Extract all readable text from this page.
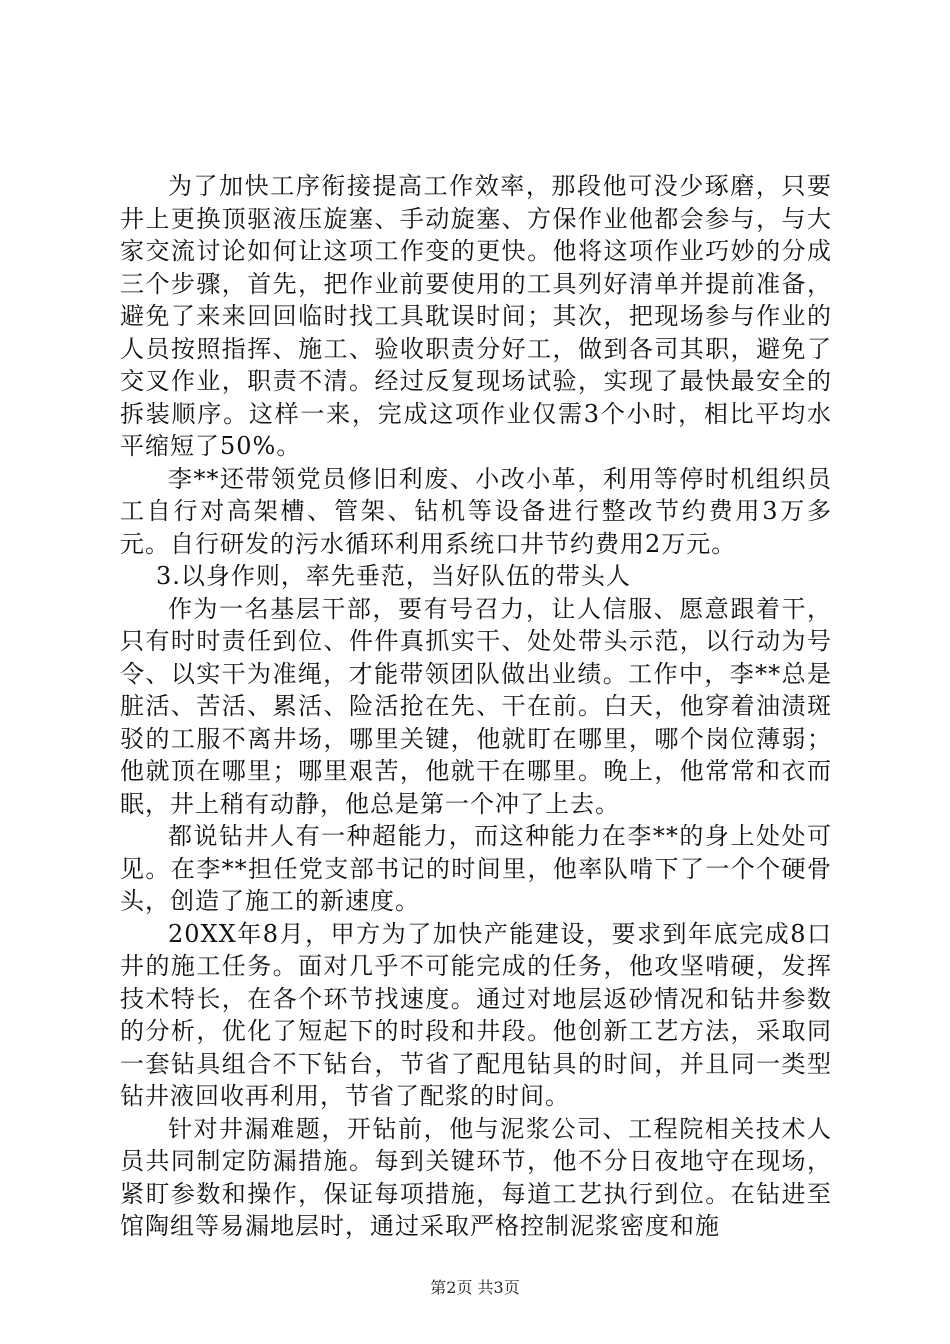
为了加快工序衔接提高工作效率，那段他可没少琢磨，只要井上更换顶驱液压旋塞、手动旋塞、方保作业他都会参与，与大家交流讨论如何让这项工作变的更快。他将这项作业巧妙的分成三个步骤，首先，把作业前要使用的工具列好清单并提前准备，避免了来来回回临时找工具耽误时间；其次，把现场参与作业的人员按照指挥、施工、验收职责分好工，做到各司其职，避免了交叉作业，职责不清。经过反复现场试验，实现了最快最安全的拆装顺序。这样一来，完成这项作业仅需3个小时，相比平均水平缩短了50%。

李**还带领党员修旧利废、小改小革，利用等停时机组织员工自行对高架槽、管架、钻机等设备进行整改节约费用3万多元。自行研发的污水循环利用系统口井节约费用2万元。

3.以身作则，率先垂范，当好队伍的带头人

作为一名基层干部，要有号召力，让人信服、愿意跟着干，只有时时责任到位、件件真抓实干、处处带头示范，以行动为号令、以实干为准绳，才能带领团队做出业绩。工作中，李**总是脏活、苦活、累活、险活抢在先、干在前。白天，他穿着油渍斑驳的工服不离井场，哪里关键，他就盯在哪里，哪个岗位薄弱；他就顶在哪里；哪里艰苦，他就干在哪里。晚上，他常常和衣而眠，井上稍有动静，他总是第一个冲了上去。

都说钻井人有一种超能力，而这种能力在李**的身上处处可见。在李**担任党支部书记的时间里，他率队啃下了一个个硬骨头，创造了施工的新速度。

20XX年8月，甲方为了加快产能建设，要求到年底完成8口井的施工任务。面对几乎不可能完成的任务，他攻坚啃硬，发挥技术特长，在各个环节找速度。通过对地层返砂情况和钻井参数的分析，优化了短起下的时段和井段。他创新工艺方法，采取同一套钻具组合不下钻台，节省了配甩钻具的时间，并且同一类型钻井液回收再利用，节省了配浆的时间。

针对井漏难题，开钻前，他与泥浆公司、工程院相关技术人员共同制定防漏措施。每到关键环节，他不分日夜地守在现场，紧盯参数和操作，保证每项措施，每道工艺执行到位。在钻进至馆陶组等易漏地层时，通过采取严格控制泥浆密度和施

第2页 共3页
